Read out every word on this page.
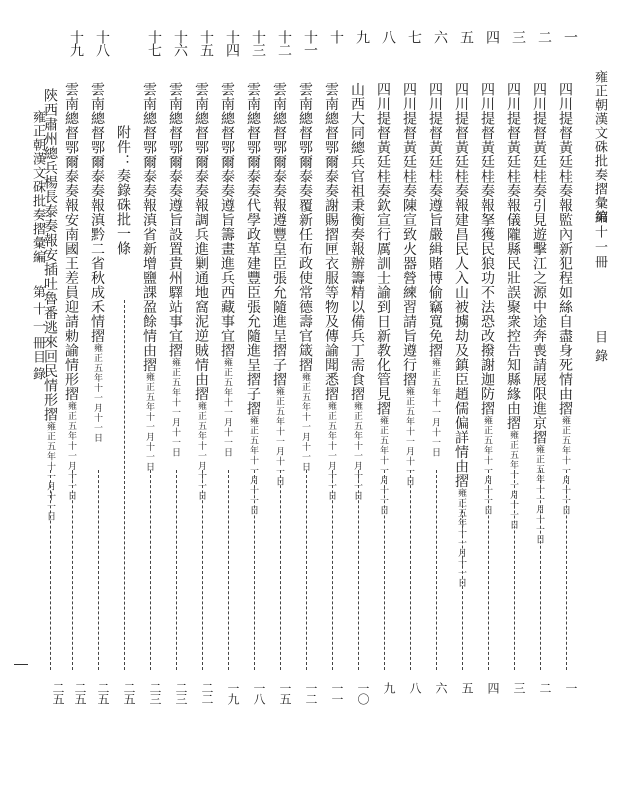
雍正朝漢文硃批奏摺彙編
第十一冊
目錄
一
二
三
四
五
六
七
八
九
十
十一
十二
十三
十四
十五
十六
十七
十八
十九
四川提督黃廷桂奏報監內新犯程如絲自盡身死情由摺雍正五年十一月十一日
四川提督黃廷桂奏引見遊擊江之源中途奔喪請展限進京摺雍正五年十一月十一日
四川提督黃廷桂奏報儀隴縣民壯誤聚衆控告知縣緣由摺雍正五年十一月十一日
四川提督黃廷桂奏報拏獲民狼功不法恐改撥謝迦防摺雍正五年十一月十一日
四川提督黃廷桂奏報建昌民人入山被擄劫及鎮臣趙儒偏詳情由摺雍正五年十一月十一日
四川提督黃廷桂奏遵旨嚴緝賭博偷竊寬免摺雍正五年十一月十一日
四川提督黃廷桂奏陳宣致火器營練習請旨遵行摺雍正五年十一月十一日
四川提督黃廷桂奏欽宣行厲訓士諭到日新教化管見摺雍正五年十一月十一日
山西大同總兵官祖秉衡奏報辦籌精以備兵丁需食摺雍正五年十一月十一日
雲南總督鄂爾泰奏謝賜摺匣衣服等物及傳諭聞悉摺雍正五年十一月十一日
雲南總督鄂爾泰奏覆新任布政使常德壽官箴摺雍正五年十一月十一日
雲南總督鄂爾泰奏報遵豐皇臣張允隨進呈摺子摺雍正五年十一月十一日
雲南總督鄂爾泰奏代學政革建豐臣張允隨進呈摺子摺雍正五年十一月十一日
雲南總督鄂爾泰奏遵旨籌畫進兵西藏事宜摺雍正五年十一月十一日
雲南總督鄂爾泰奏報調兵進剿通地窩泥逆賊情由摺雍正五年十一月十一日
雲南總督鄂爾泰奏遵旨設置貴州驛站事宜摺雍正五年十一月十一日
雲南總督鄂爾泰奏報滇省新增鹽課盈餘情由摺雍正五年十一月十一日
附件：奏錄硃批一條
雲南總督鄂爾泰奏報滇黔二省秋成禾情摺雍正五年十一月十一日
雲南總督鄂爾泰奏報安南國王差員迎請勅諭情形摺雍正五年十一月十一日
陝西肅州總兵楊長泰奏報安插吐魯番逃來回民情形摺雍正五年十一月十一日
一
二
三
四
五
六
八
九
一〇
一一
一二
一五
一八
一九
二二
二三
二三
二五
二五
二五
二五
雍正朝漢文硃批奏摺彙編
第十一冊
目錄
